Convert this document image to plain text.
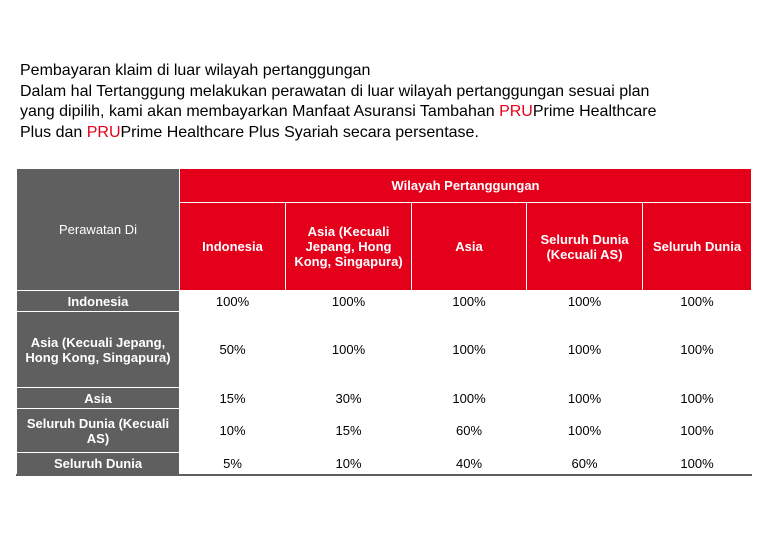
Pembayaran klaim di luar wilayah pertanggungan

Dalam hal Tertanggung melakukan perawatan di luar wilayah pertanggungan sesuai plan

yang dipilih, kami akan membayarkan Manfaat Asuransi Tambahan PRUPrime Healthcare

Plus dan PRUPrime Healthcare Plus Syariah secara persentase.

Perawatan Di	Wilayah Pertanggungan				
	Indonesia	Asia (Kecuali Jepang, Hong Kong, Singapura)	Asia	Seluruh Dunia (Kecuali AS)	Seluruh Dunia
Indonesia	100%	100%	100%	100%	100%
Asia (Kecuali Jepang, Hong Kong, Singapura)	50%	100%	100%	100%	100%
Asia	15%	30%	100%	100%	100%
Seluruh Dunia (Kecuali AS)	10%	15%	60%	100%	100%
Seluruh Dunia	5%	10%	40%	60%	100%
